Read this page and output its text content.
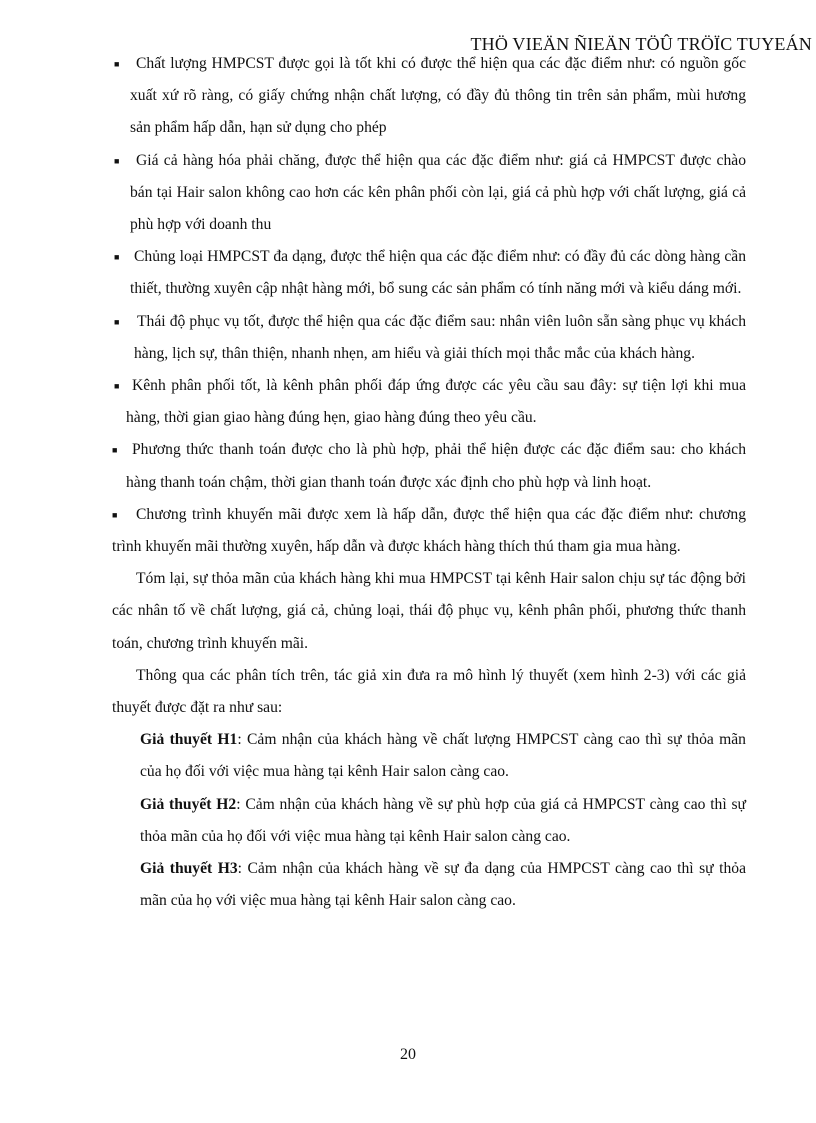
THÖ VIEÄN ÑIEÄN TÖÛ TRÖÏC TUYEÁN
■	Chất lượng HMPCST được gọi là tốt khi có được thể hiện qua các đặc điểm như: có nguồn gốc xuất xứ rõ ràng, có giấy chứng nhận chất lượng, có đầy đủ thông tin trên sản phẩm, mùi hương sản phẩm hấp dẫn, hạn sử dụng cho phép
■	Giá cả hàng hóa phải chăng, được thể hiện qua các đặc điểm như: giá cả HMPCST được chào bán tại Hair salon không cao hơn các kên phân phối còn lại, giá cả phù hợp với chất lượng, giá cả phù hợp với doanh thu
■ Chủng loại HMPCST đa dạng, được thể hiện qua các đặc điểm như: có đầy đủ các dòng hàng cần thiết, thường xuyên cập nhật hàng mới, bổ sung các sản phẩm có tính năng mới và kiểu dáng mới.
■ Thái độ phục vụ tốt, được thể hiện qua các đặc điểm sau: nhân viên luôn sẵn sàng phục vụ khách hàng, lịch sự, thân thiện, nhanh nhẹn, am hiểu và giải thích mọi thắc mắc của khách hàng.
■ Kênh phân phối tốt, là kênh phân phối đáp ứng được các yêu cầu sau đây: sự tiện lợi khi mua hàng, thời gian giao hàng đúng hẹn, giao hàng đúng theo yêu cầu.
■ Phương thức thanh toán được cho là phù hợp, phải thể hiện được các đặc điểm sau: cho khách hàng thanh toán chậm, thời gian thanh toán được xác định cho phù hợp và linh hoạt.
■	Chương trình khuyến mãi được xem là hấp dẫn, được thể hiện qua các đặc điểm như: chương trình khuyến mãi thường xuyên, hấp dẫn và được khách hàng thích thú tham gia mua hàng.

Tóm lại, sự thỏa mãn của khách hàng khi mua HMPCST tại kênh Hair salon chịu sự tác động bởi các nhân tố về chất lượng, giá cả, chủng loại, thái độ phục vụ, kênh phân phối, phương thức thanh toán, chương trình khuyến mãi.

Thông qua các phân tích trên, tác giả xin đưa ra mô hình lý thuyết (xem hình 2-3) với các giả thuyết được đặt ra như sau:

Giả thuyết H1: Cảm nhận của khách hàng về chất lượng HMPCST càng cao thì sự thỏa mãn của họ đối với việc mua hàng tại kênh Hair salon càng cao.

Giả thuyết H2: Cảm nhận của khách hàng về sự phù hợp của giá cả HMPCST càng cao thì sự thỏa mãn của họ đối với việc mua hàng tại kênh Hair salon càng cao.

Giả thuyết H3: Cảm nhận của khách hàng về sự đa dạng của HMPCST càng cao thì sự thỏa mãn của họ với việc mua hàng tại kênh Hair salon càng cao.

20
